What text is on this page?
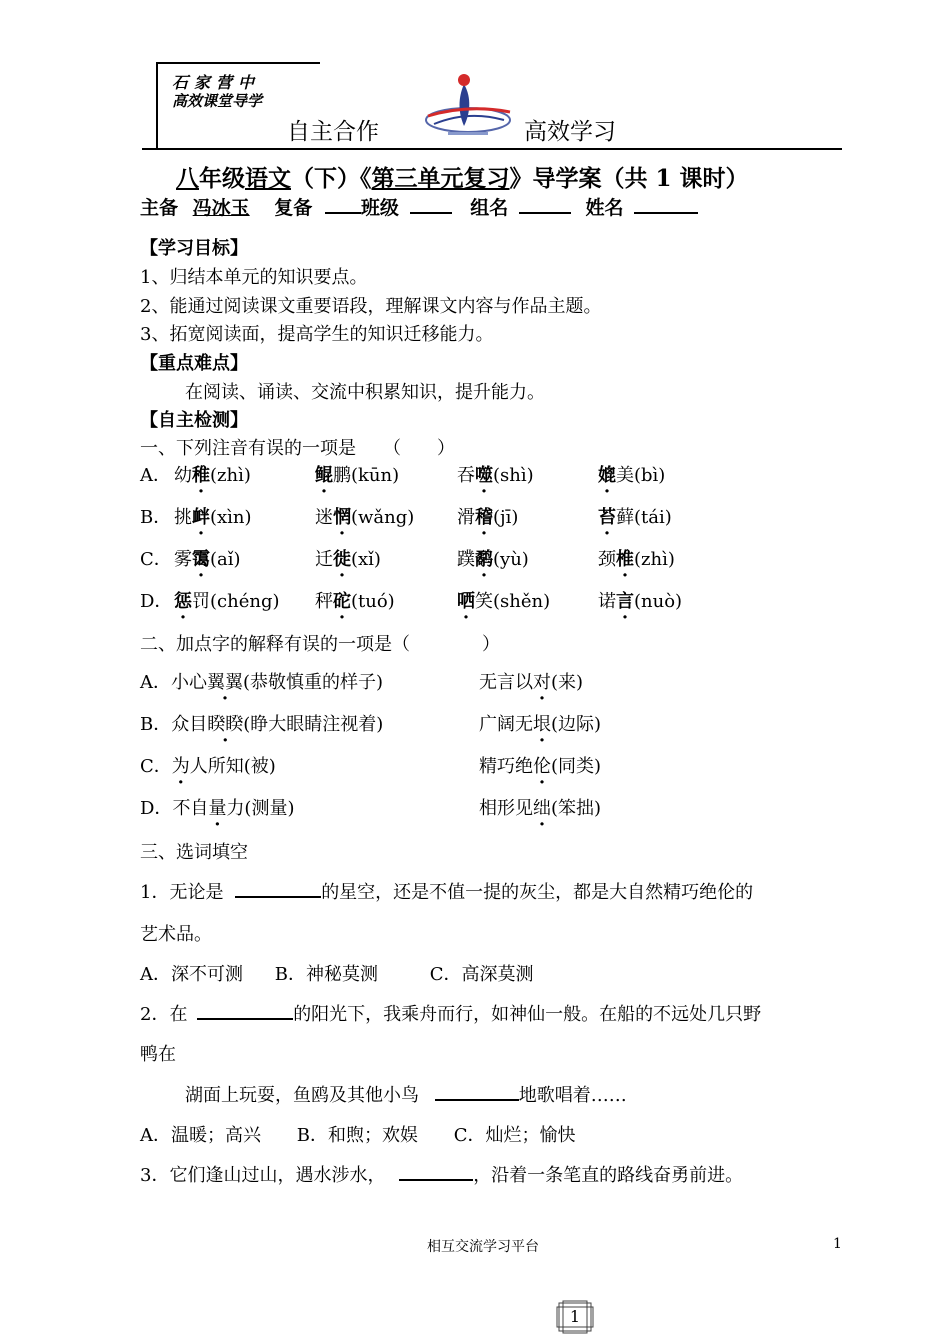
石家营中
高效课堂导学
自主合作	高效学习
八年级语文（下）《第三单元复习》导学案（共 1 课时）
主备 冯冰玉 复备	班级	组名	姓名
【学习目标】
1、归结本单元的知识要点。
2、能通过阅读课文重要语段，理解课文内容与作品主题。
3、拓宽阅读面，提高学生的知识迁移能力。
【重点难点】
在阅读、诵读、交流中积累知识，提升能力。
【自主检测】
一、下列注音有误的一项是　　（　　）
A． 幼稚(zhì)	鲲鹏(kūn)	吞噬(shì)	媲美(bì)
B． 挑衅(xìn)	迷惘(wǎng) 滑稽(jī)	苔藓(tái)
C． 雾霭(aǐ)	迁徙(xǐ)	蹼鹬(yù)	颈椎(zhì)
D． 惩罚(chéng) 秤砣(tuó)	哂笑(shěn)	诺言(nuò)
二、加点字的解释有误的一项是（　　　　）
A．小心翼翼(恭敬慎重的样子)	无言以对(来)
B．众目睽睽(睁大眼睛注视着)	广阔无垠(边际)
C．为人所知(被)	精巧绝伦(同类)
D．不自量力(测量)	相形见绌(笨拙)
三、选词填空
1．无论是	的星空，还是不值一提的灰尘，都是大自然精巧绝伦的
艺术品。
A．深不可测 B．神秘莫测	C．高深莫测
2．在	的阳光下，我乘舟而行，如神仙一般。在船的不远处几只野
鸭在
湖面上玩耍，鱼鸥及其他小鸟	地歌唱着……
A．温暖；高兴 B．和煦；欢娱 C．灿烂；愉快
3．它们逢山过山，遇水涉水，	，沿着一条笔直的路线奋勇前进。
相互交流学习平台	1
1
